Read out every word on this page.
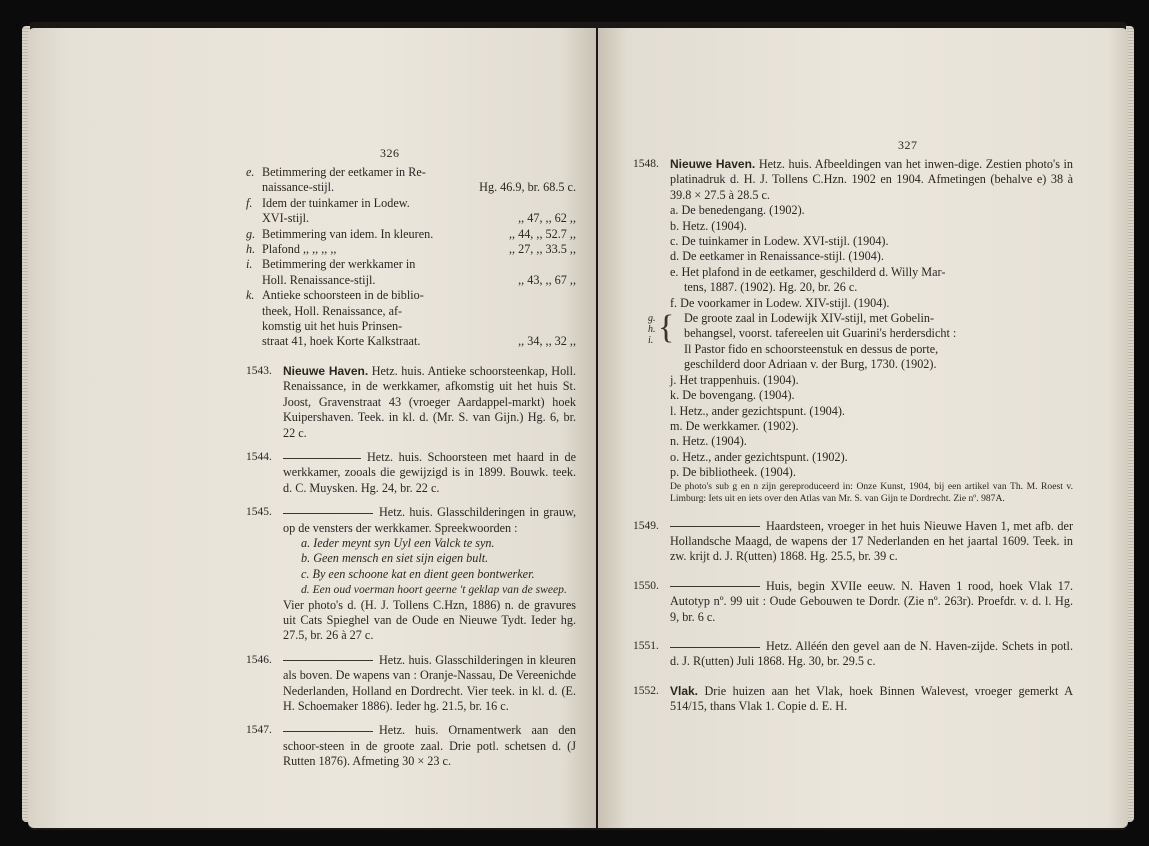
326
e. Betimmering der eetkamer in Re-
naissance-stijl.	Hg. 46.9, br. 68.5 c.
f. Idem der tuinkamer in Lodew.
XVI-stijl.	,, 47, ,, 62 ,,
g. Betimmering van idem. In kleuren.	,, 44, ,, 52.7 ,,
h. Plafond ,, ,, ,, ,,	,, 27, ,, 33.5 ,,
i. Betimmering der werkkamer in
Holl. Renaissance-stijl.	,, 43, ,, 67 ,,
k. Antieke schoorsteen in de biblio-
theek, Holl. Renaissance, af-
komstig uit het huis Prinsen-
straat 41, hoek Korte Kalkstraat.	,, 34, ,, 32 ,,
1543. Nieuwe Haven. Hetz. huis. Antieke schoorsteenkap, Holl. Renaissance, in de werkkamer, afkomstig uit het huis St. Joost, Gravenstraat 43 (vroeger Aardappel-markt) hoek Kuipershaven. Teek. in kl. d. (Mr. S. van Gijn.) Hg. 6, br. 22 c.
1544.	Hetz. huis. Schoorsteen met haard in de werkkamer, zooals die gewijzigd is in 1899. Bouwk. teek. d. C. Muysken. Hg. 24, br. 22 c.
1545.	Hetz. huis. Glasschilderingen in grauw, op de vensters der werkkamer. Spreekwoorden :
a. Ieder meynt syn Uyl een Valck te syn.
b. Geen mensch en siet sijn eigen bult.
c. By een schoone kat en dient geen bontwerker.
d. Een oud voerman hoort geerne 't geklap van de sweep.
Vier photo's d. (H. J. Tollens C.Hzn, 1886) n. de gravures uit Cats Spieghel van de Oude en Nieuwe Tydt. Ieder hg. 27.5, br. 26 à 27 c.
1546.	Hetz. huis. Glasschilderingen in kleuren als boven. De wapens van : Oranje-Nassau, De Vereenichde Nederlanden, Holland en Dordrecht. Vier teek. in kl. d. (E. H. Schoemaker 1886). Ieder hg. 21.5, br. 16 c.
1547.	Hetz. huis. Ornamentwerk aan den schoor-steen in de groote zaal. Drie potl. schetsen d. (J Rutten 1876). Afmeting 30 × 23 c.
327
1548. Nieuwe Haven. Hetz. huis. Afbeeldingen van het inwen-dige. Zestien photo's in platinadruk d. H. J. Tollens C.Hzn. 1902 en 1904. Afmetingen (behalve e) 38 à 39.8 × 27.5 à 28.5 c.
a. De benedengang. (1902).
b. Hetz. (1904).
c. De tuinkamer in Lodew. XVI-stijl. (1904).
d. De eetkamer in Renaissance-stijl. (1904).
e. Het plafond in de eetkamer, geschilderd d. Willy Mar-
tens, 1887. (1902). Hg. 20, br. 26 c.
f. De voorkamer in Lodew. XIV-stijl. (1904).
g.
h.
i. { De groote zaal in Lodewijk XIV-stijl, met Gobelin-
behangsel, voorst. tafereelen uit Guarini's herdersdicht :
Il Pastor fido en schoorsteenstuk en dessus de porte,
geschilderd door Adriaan v. der Burg, 1730. (1902).
j. Het trappenhuis. (1904).
k. De bovengang. (1904).
l. Hetz., ander gezichtspunt. (1904).
m. De werkkamer. (1902).
n. Hetz. (1904).
o. Hetz., ander gezichtspunt. (1902).
p. De bibliotheek. (1904).
De photo's sub g en n zijn gereproduceerd in: Onze Kunst, 1904, bij een artikel van Th. M. Roest v. Limburg: Iets uit en iets over den Atlas van Mr. S. van Gijn te Dordrecht. Zie nº. 987A.
1549.	Haardsteen, vroeger in het huis Nieuwe Haven 1, met afb. der Hollandsche Maagd, de wapens der 17 Nederlanden en het jaartal 1609. Teek. in zw. krijt d. J. R(utten) 1868. Hg. 25.5, br. 39 c.
1550.	Huis, begin XVIIe eeuw. N. Haven 1 rood, hoek Vlak 17. Autotyp nº. 99 uit : Oude Gebouwen te Dordr. (Zie nº. 263r). Proefdr. v. d. l. Hg. 9, br. 6 c.
1551.	Hetz. Alléén den gevel aan de N. Haven-zijde. Schets in potl. d. J. R(utten) Juli 1868. Hg. 30, br. 29.5 c.
1552. Vlak. Drie huizen aan het Vlak, hoek Binnen Walevest, vroeger gemerkt A 514/15, thans Vlak 1. Copie d. E. H.
